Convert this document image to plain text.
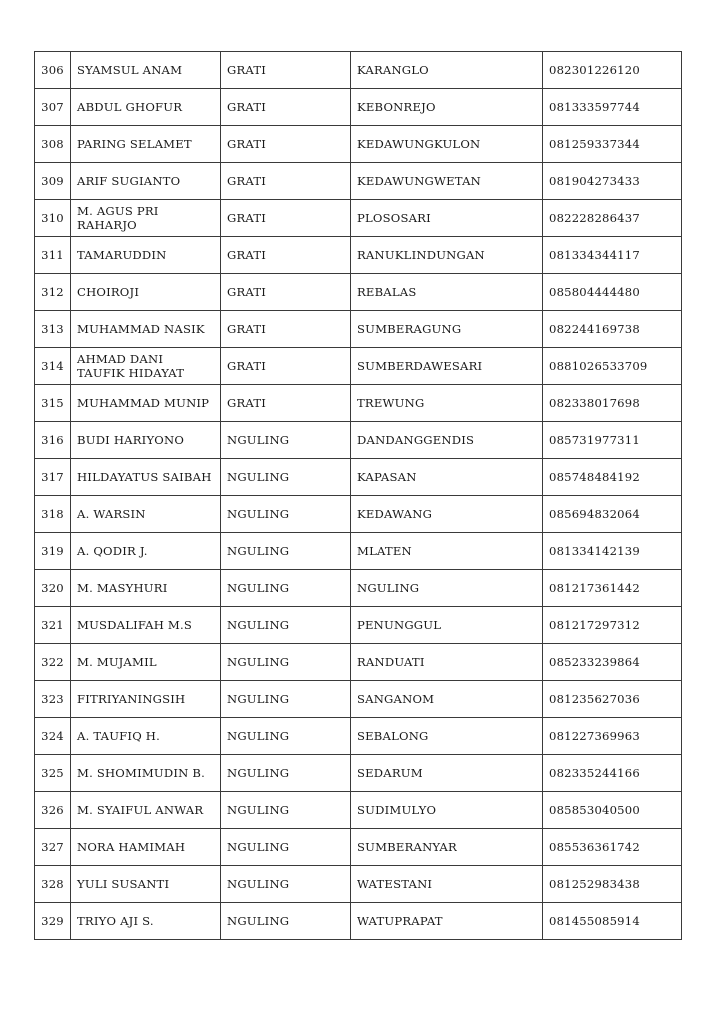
306	SYAMSUL ANAM	GRATI	KARANGLO	082301226120
307	ABDUL GHOFUR	GRATI	KEBONREJO	081333597744
308	PARING SELAMET	GRATI	KEDAWUNGKULON	081259337344
309	ARIF SUGIANTO	GRATI	KEDAWUNGWETAN	081904273433
310	M. AGUS PRI RAHARJO	GRATI	PLOSOSARI	082228286437
311	TAMARUDDIN	GRATI	RANUKLINDUNGAN	081334344117
312	CHOIROJI	GRATI	REBALAS	085804444480
313	MUHAMMAD NASIK	GRATI	SUMBERAGUNG	082244169738
314	AHMAD DANI TAUFIK HIDAYAT	GRATI	SUMBERDAWESARI	0881026533709
315	MUHAMMAD MUNIP	GRATI	TREWUNG	082338017698
316	BUDI HARIYONO	NGULING	DANDANGGENDIS	085731977311
317	HILDAYATUS SAIBAH	NGULING	KAPASAN	085748484192
318	A. WARSIN	NGULING	KEDAWANG	085694832064
319	A. QODIR J.	NGULING	MLATEN	081334142139
320	M. MASYHURI	NGULING	NGULING	081217361442
321	MUSDALIFAH M.S	NGULING	PENUNGGUL	081217297312
322	M. MUJAMIL	NGULING	RANDUATI	085233239864
323	FITRIYANINGSIH	NGULING	SANGANOM	081235627036
324	A. TAUFIQ H.	NGULING	SEBALONG	081227369963
325	M. SHOMIMUDIN B.	NGULING	SEDARUM	082335244166
326	M. SYAIFUL ANWAR	NGULING	SUDIMULYO	085853040500
327	NORA HAMIMAH	NGULING	SUMBERANYAR	085536361742
328	YULI SUSANTI	NGULING	WATESTANI	081252983438
329	TRIYO AJI S.	NGULING	WATUPRAPAT	081455085914
